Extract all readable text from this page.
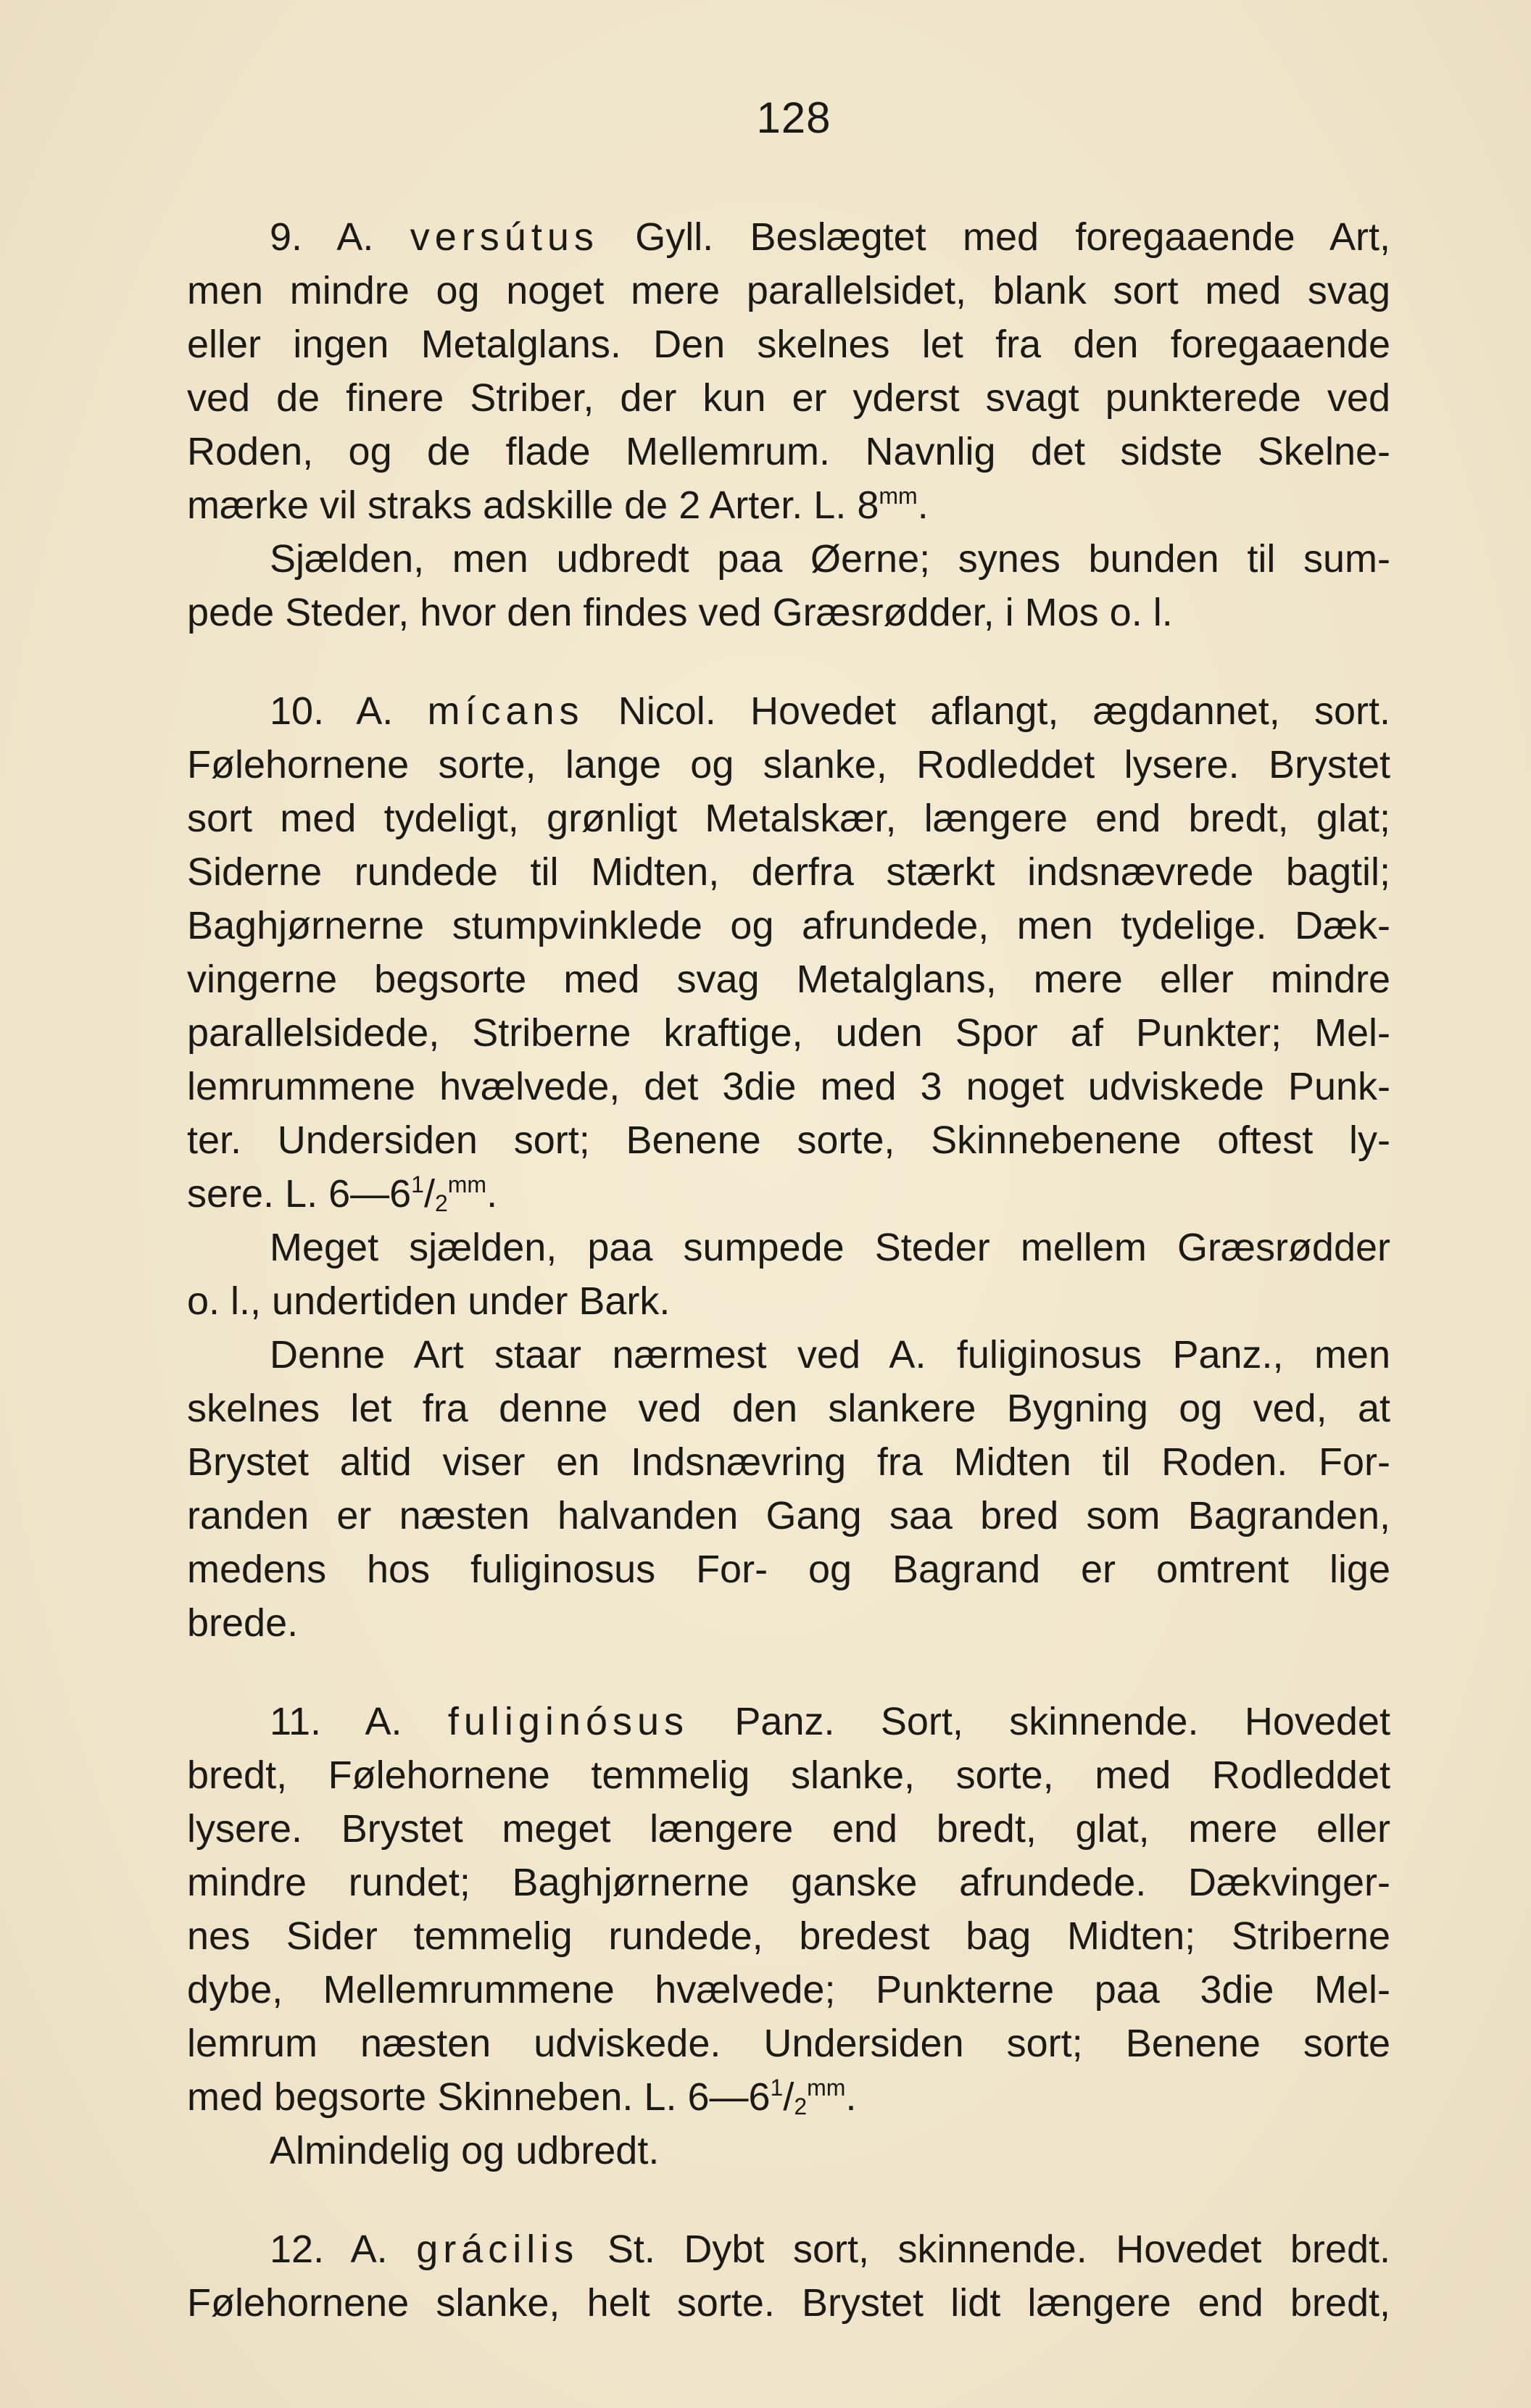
128
9. A. versútus Gyll. Beslægtet med foregaaende Art,
men mindre og noget mere parallelsidet, blank sort med svag
eller ingen Metalglans. Den skelnes let fra den foregaaende
ved de finere Striber, der kun er yderst svagt punkterede ved
Roden, og de flade Mellemrum. Navnlig det sidste Skelne-
mærke vil straks adskille de 2 Arter. L. $8^{mm}$.
Sjælden, men udbredt paa Øerne; synes bunden til sum-
pede Steder, hvor den findes ved Græsrødder, i Mos o. l.
10. A. mícans Nicol. Hovedet aflangt, ægdannet, sort.
Følehornene sorte, lange og slanke, Rodleddet lysere. Brystet
sort med tydeligt, grønligt Metalskær, længere end bredt, glat;
Siderne rundede til Midten, derfra stærkt indsnævrede bagtil;
Baghjørnerne stumpvinklede og afrundede, men tydelige. Dæk-
vingerne begsorte med svag Metalglans, mere eller mindre
parallelsidede, Striberne kraftige, uden Spor af Punkter; Mel-
lemrummene hvælvede, det 3die med 3 noget udviskede Punk-
ter. Undersiden sort; Benene sorte, Skinnebenene oftest ly-
sere. L. $6—6^1/_2^{mm}$.
Meget sjælden, paa sumpede Steder mellem Græsrødder
o. l., undertiden under Bark.
Denne Art staar nærmest ved A. fuliginosus Panz., men
skelnes let fra denne ved den slankere Bygning og ved, at
Brystet altid viser en Indsnævring fra Midten til Roden. For-
randen er næsten halvanden Gang saa bred som Bagranden,
medens hos fuliginosus For- og Bagrand er omtrent lige
brede.
11. A. fuliginósus Panz. Sort, skinnende. Hovedet
bredt, Følehornene temmelig slanke, sorte, med Rodleddet
lysere. Brystet meget længere end bredt, glat, mere eller
mindre rundet; Baghjørnerne ganske afrundede. Dækvinger-
nes Sider temmelig rundede, bredest bag Midten; Striberne
dybe, Mellemrummene hvælvede; Punkterne paa 3die Mel-
lemrum næsten udviskede. Undersiden sort; Benene sorte
med begsorte Skinneben. L. $6—6^1/_2^{mm}$.
Almindelig og udbredt.
12. A. grácilis St. Dybt sort, skinnende. Hovedet bredt.
Følehornene slanke, helt sorte. Brystet lidt længere end bredt,
